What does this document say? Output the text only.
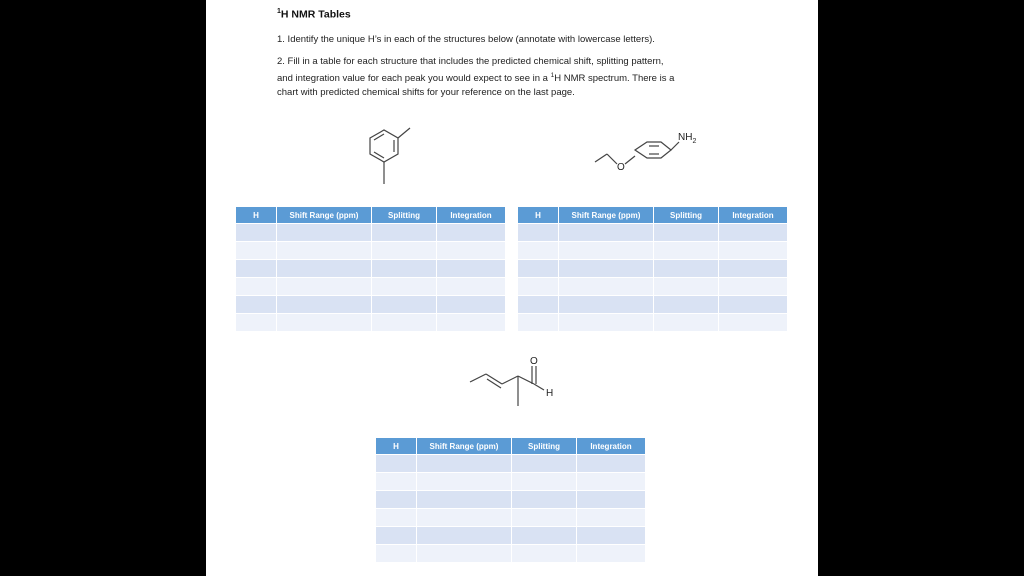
$^1$H NMR Tables
1. Identify the unique H’s in each of the structures below (annotate with lowercase letters).
2. Fill in a table for each structure that includes the predicted chemical shift, splitting pattern,
and integration value for each peak you would expect to see in a $^1$H NMR spectrum. There is a
chart with predicted chemical shifts for your reference on the last page.
O
$NH_2$
H	Shift Range (ppm)	Splitting	Integration

				H	Shift Range (ppm)	Splitting	Integration

O
H
H	Shift Range (ppm)	Splitting	Integration
